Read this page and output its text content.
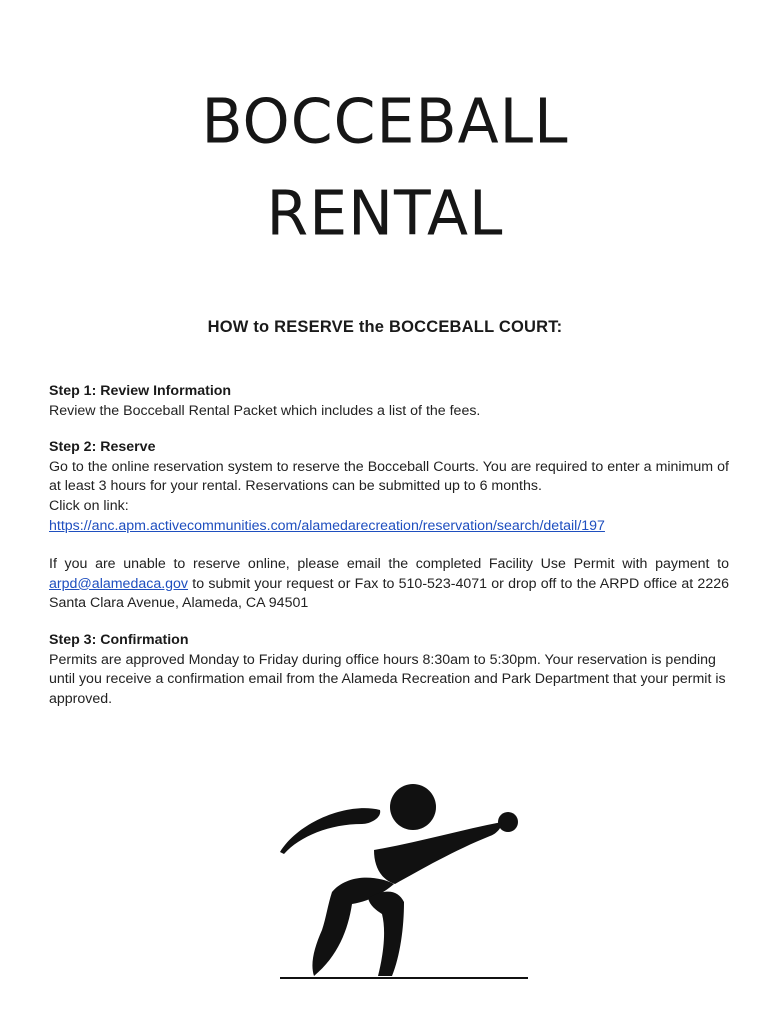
BOCCEBALL
RENTAL
HOW to RESERVE the BOCCEBALL COURT:

Step 1: Review Information

Review the Bocceball Rental Packet which includes a list of the fees.

Step 2: Reserve

Go to the online reservation system to reserve the Bocceball Courts. You are required to enter a minimum of at least 3 hours for your rental. Reservations can be submitted up to 6 months.

Click on link:

https://anc.apm.activecommunities.com/alamedarecreation/reservation/search/detail/197

If you are unable to reserve online, please email the completed Facility Use Permit with payment to arpd@alamedaca.gov to submit your request or Fax to 510-523-4071 or drop off to the ARPD office at 2226 Santa Clara Avenue, Alameda, CA 94501

Step 3: Confirmation

Permits are approved Monday to Friday during office hours 8:30am to 5:30pm. Your reservation is pending until you receive a confirmation email from the Alameda Recreation and Park Department that your permit is approved.
